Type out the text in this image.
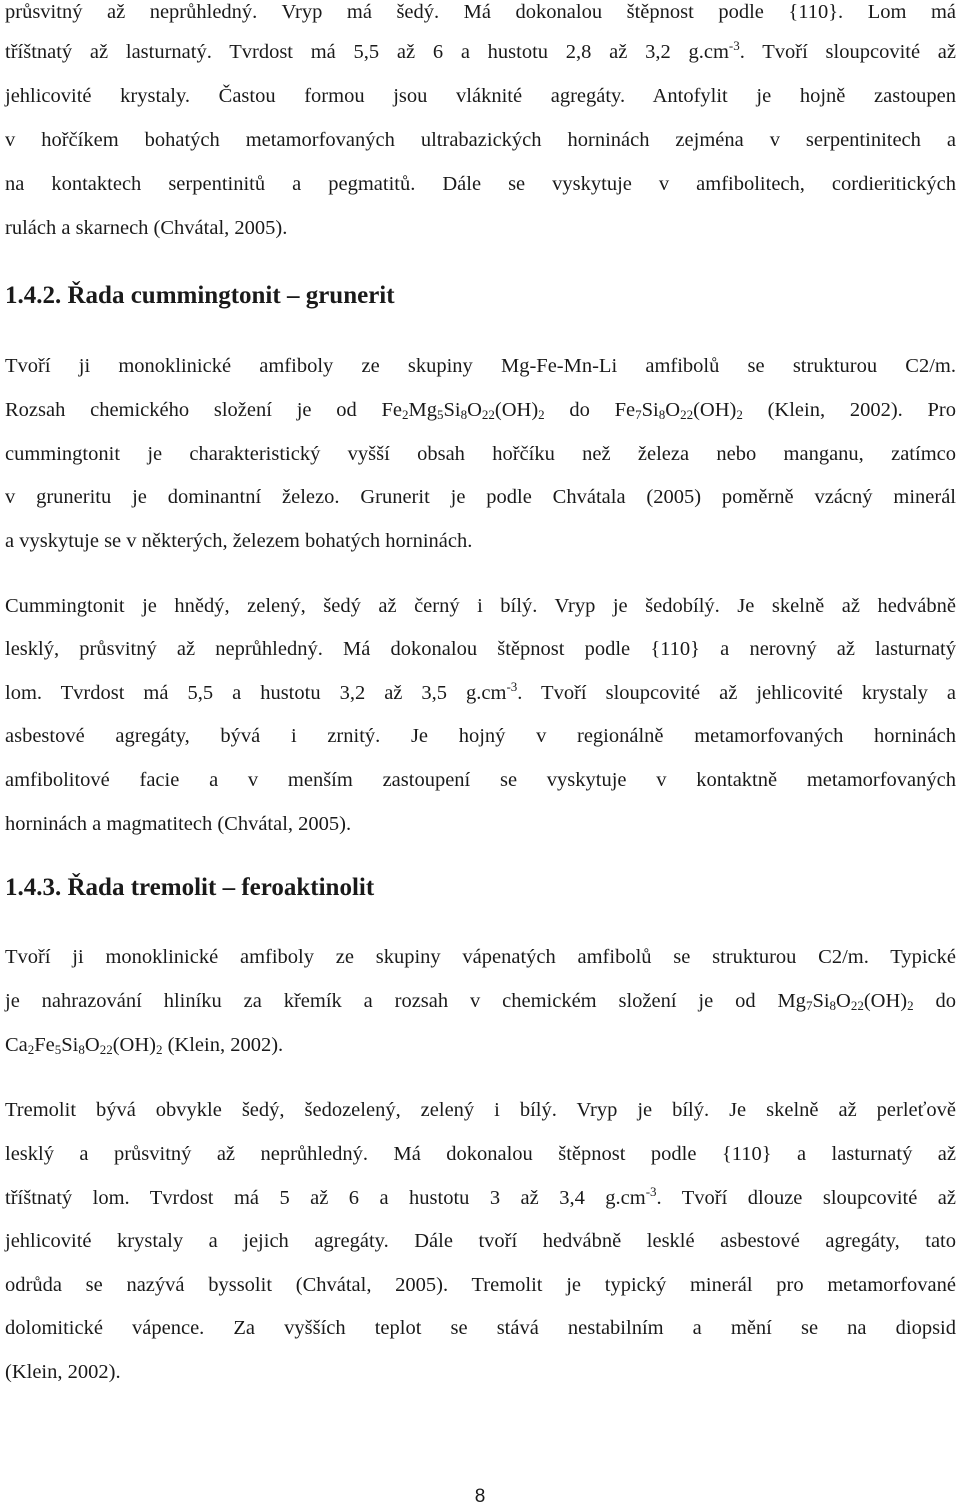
průsvitný až neprůhledný. Vryp má šedý. Má dokonalou štěpnost podle {110}. Lom má
tříštnatý až lasturnatý. Tvrdost má 5,5 až 6 a hustotu 2,8 až 3,2 $g.cm^{-3}$. Tvoří sloupcovité až
jehlicovité krystaly. Častou formou jsou vláknité agregáty. Antofylit je hojně zastoupen
v hořčíkem bohatých metamorfovaných ultrabazických horninách zejména v serpentinitech a
na kontaktech serpentinitů a pegmatitů. Dále se vyskytuje v amfibolitech, cordieritických
rulách a skarnech (Chvátal, 2005).
1.4.2. Řada cummingtonit – grunerit
Tvoří ji monoklinické amfiboly ze skupiny Mg-Fe-Mn-Li amfibolů se strukturou C2/m.
Rozsah chemického složení je od $Fe_2Mg_5Si_8O_{22}(OH)_2$ do $Fe_7Si_8O_{22}(OH)_2$ (Klein, 2002). Pro
cummingtonit je charakteristický vyšší obsah hořčíku než železa nebo manganu, zatímco
v gruneritu je dominantní železo. Grunerit je podle Chvátala (2005) poměrně vzácný minerál
a vyskytuje se v některých, železem bohatých horninách.
Cummingtonit je hnědý, zelený, šedý až černý i bílý. Vryp je šedobílý. Je skelně až hedvábně
lesklý, průsvitný až neprůhledný. Má dokonalou štěpnost podle {110} a nerovný až lasturnatý
lom. Tvrdost má 5,5 a hustotu 3,2 až 3,5 $g.cm^{-3}$. Tvoří sloupcovité až jehlicovité krystaly a
asbestové agregáty, bývá i zrnitý. Je hojný v regionálně metamorfovaných horninách
amfibolitové facie a v menším zastoupení se vyskytuje v kontaktně metamorfovaných
horninách a magmatitech (Chvátal, 2005).
1.4.3. Řada tremolit – feroaktinolit
Tvoří ji monoklinické amfiboly ze skupiny vápenatých amfibolů se strukturou C2/m. Typické
je nahrazování hliníku za křemík a rozsah v chemickém složení je od $Mg_7Si_8O_{22}(OH)_2$ do
$Ca_2Fe_5Si_8O_{22}(OH)_2$ (Klein, 2002).
Tremolit bývá obvykle šedý, šedozelený, zelený i bílý. Vryp je bílý. Je skelně až perleťově
lesklý a průsvitný až neprůhledný. Má dokonalou štěpnost podle {110} a lasturnatý až
tříštnatý lom. Tvrdost má 5 až 6 a hustotu 3 až 3,4 $g.cm^{-3}$. Tvoří dlouze sloupcovité až
jehlicovité krystaly a jejich agregáty. Dále tvoří hedvábně lesklé asbestové agregáty, tato
odrůda se nazývá byssolit (Chvátal, 2005). Tremolit je typický minerál pro metamorfované
dolomitické vápence. Za vyšších teplot se stává nestabilním a mění se na diopsid
(Klein, 2002).
8
